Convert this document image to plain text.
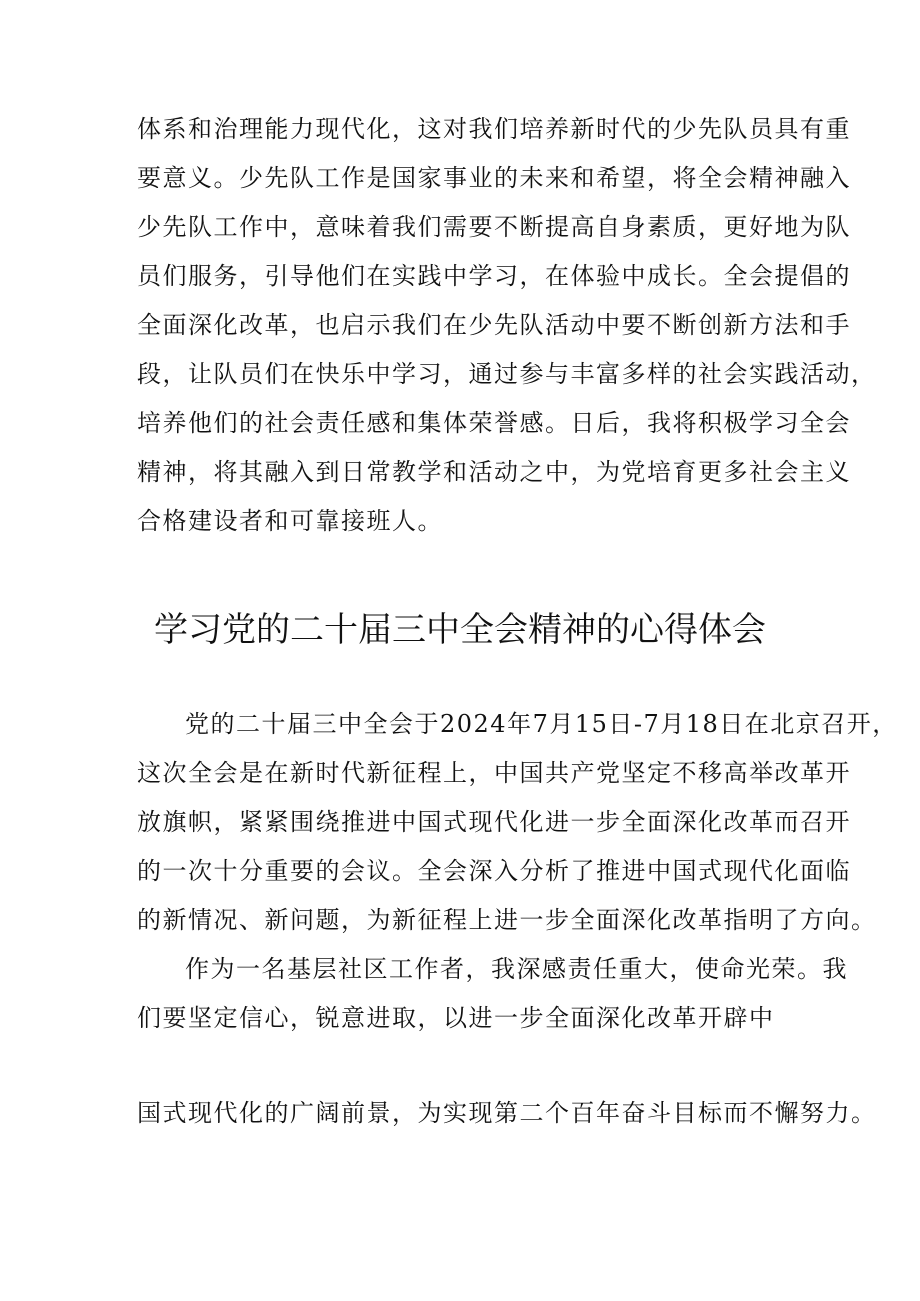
体系和治理能力现代化，这对我们培养新时代的少先队员具有重
要意义。少先队工作是国家事业的未来和希望，将全会精神融入
少先队工作中，意味着我们需要不断提高自身素质，更好地为队
员们服务，引导他们在实践中学习，在体验中成长。全会提倡的
全面深化改革，也启示我们在少先队活动中要不断创新方法和手
段，让队员们在快乐中学习，通过参与丰富多样的社会实践活动，
培养他们的社会责任感和集体荣誉感。日后，我将积极学习全会
精神，将其融入到日常教学和活动之中，为党培育更多社会主义
合格建设者和可靠接班人。
学习党的二十届三中全会精神的心得体会
党的二十届三中全会于2024年7月15日-7月18日在北京召开，
这次全会是在新时代新征程上，中国共产党坚定不移高举改革开
放旗帜，紧紧围绕推进中国式现代化进一步全面深化改革而召开
的一次十分重要的会议。全会深入分析了推进中国式现代化面临
的新情况、新问题，为新征程上进一步全面深化改革指明了方向。
作为一名基层社区工作者，我深感责任重大，使命光荣。我
们要坚定信心，锐意进取，以进一步全面深化改革开辟中
国式现代化的广阔前景，为实现第二个百年奋斗目标而不懈努力。
